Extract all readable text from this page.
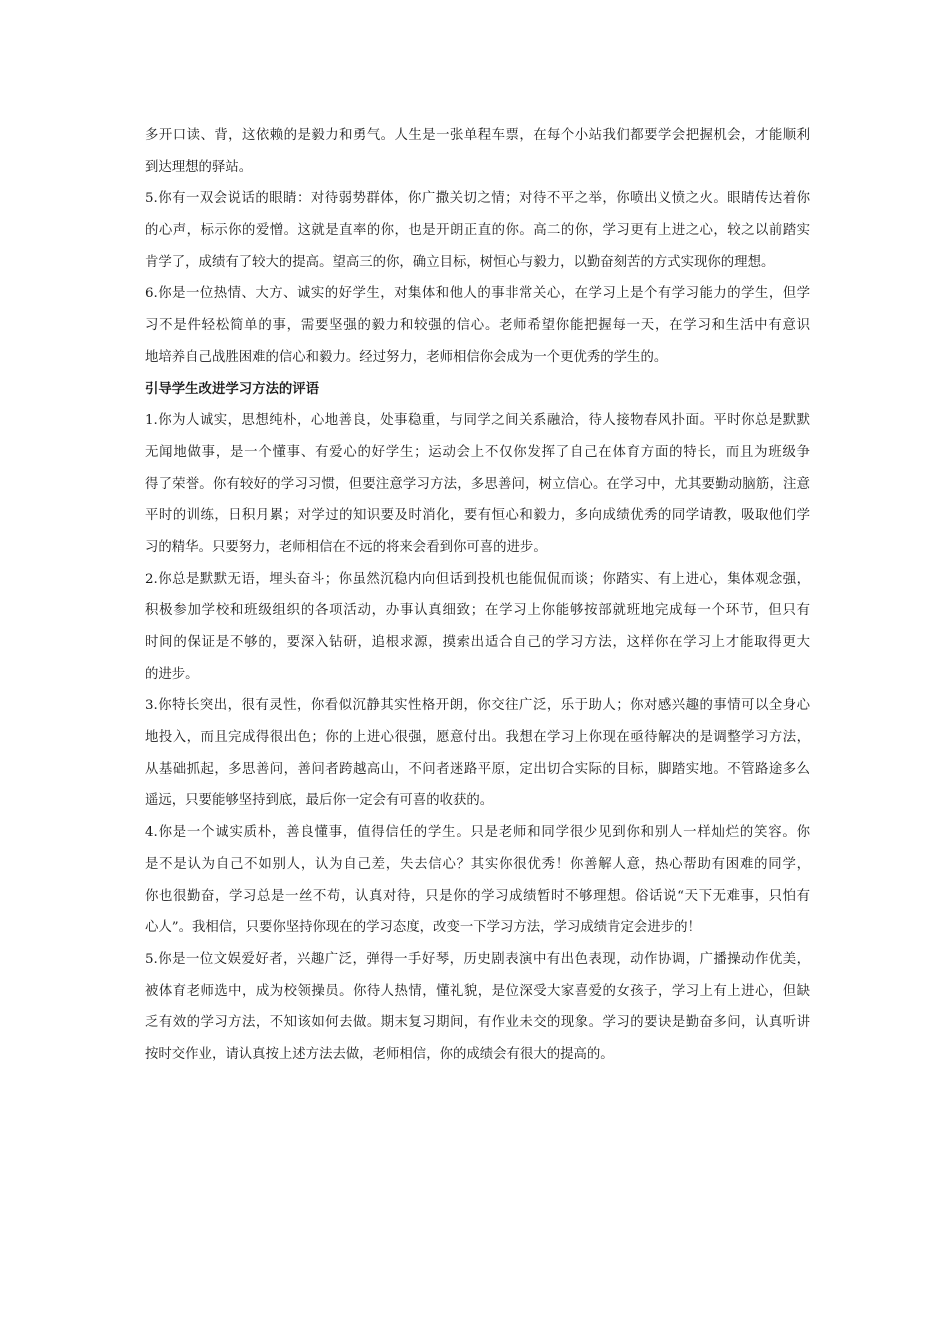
多开口读、背，这依赖的是毅力和勇气。人生是一张单程车票，在每个小站我们都要学会把握机会，才能顺利
到达理想的驿站。
5.你有一双会说话的眼睛：对待弱势群体，你广撒关切之情；对待不平之举，你喷出义愤之火。眼睛传达着你
的心声，标示你的爱憎。这就是直率的你，也是开朗正直的你。高二的你，学习更有上进之心，较之以前踏实
肯学了，成绩有了较大的提高。望高三的你，确立目标，树恒心与毅力，以勤奋刻苦的方式实现你的理想。
6.你是一位热情、大方、诚实的好学生，对集体和他人的事非常关心，在学习上是个有学习能力的学生，但学
习不是件轻松简单的事，需要坚强的毅力和较强的信心。老师希望你能把握每一天，在学习和生活中有意识
地培养自己战胜困难的信心和毅力。经过努力，老师相信你会成为一个更优秀的学生的。
引导学生改进学习方法的评语
1.你为人诚实，思想纯朴，心地善良，处事稳重，与同学之间关系融洽，待人接物春风扑面。平时你总是默默
无闻地做事，是一个懂事、有爱心的好学生；运动会上不仅你发挥了自己在体育方面的特长，而且为班级争
得了荣誉。你有较好的学习习惯，但要注意学习方法，多思善问，树立信心。在学习中，尤其要勤动脑筋，注意
平时的训练，日积月累；对学过的知识要及时消化，要有恒心和毅力，多向成绩优秀的同学请教，吸取他们学
习的精华。只要努力，老师相信在不远的将来会看到你可喜的进步。
2.你总是默默无语，埋头奋斗；你虽然沉稳内向但话到投机也能侃侃而谈；你踏实、有上进心，集体观念强，
积极参加学校和班级组织的各项活动，办事认真细致；在学习上你能够按部就班地完成每一个环节，但只有
时间的保证是不够的，要深入钻研，追根求源，摸索出适合自己的学习方法，这样你在学习上才能取得更大
的进步。
3.你特长突出，很有灵性，你看似沉静其实性格开朗，你交往广泛，乐于助人；你对感兴趣的事情可以全身心
地投入，而且完成得很出色；你的上进心很强，愿意付出。我想在学习上你现在亟待解决的是调整学习方法，
从基础抓起，多思善问，善问者跨越高山，不问者迷路平原，定出切合实际的目标，脚踏实地。不管路途多么
遥远，只要能够坚持到底，最后你一定会有可喜的收获的。
4.你是一个诚实质朴，善良懂事，值得信任的学生。只是老师和同学很少见到你和别人一样灿烂的笑容。你
是不是认为自己不如别人，认为自己差，失去信心？其实你很优秀！你善解人意，热心帮助有困难的同学，
你也很勤奋，学习总是一丝不苟，认真对待，只是你的学习成绩暂时不够理想。俗话说“天下无难事，只怕有
心人”。我相信，只要你坚持你现在的学习态度，改变一下学习方法，学习成绩肯定会进步的！
5.你是一位文娱爱好者，兴趣广泛，弹得一手好琴，历史剧表演中有出色表现，动作协调，广播操动作优美，
被体育老师选中，成为校领操员。你待人热情，懂礼貌，是位深受大家喜爱的女孩子，学习上有上进心，但缺
乏有效的学习方法，不知该如何去做。期末复习期间，有作业未交的现象。学习的要诀是勤奋多问，认真听讲
按时交作业，请认真按上述方法去做，老师相信，你的成绩会有很大的提高的。
